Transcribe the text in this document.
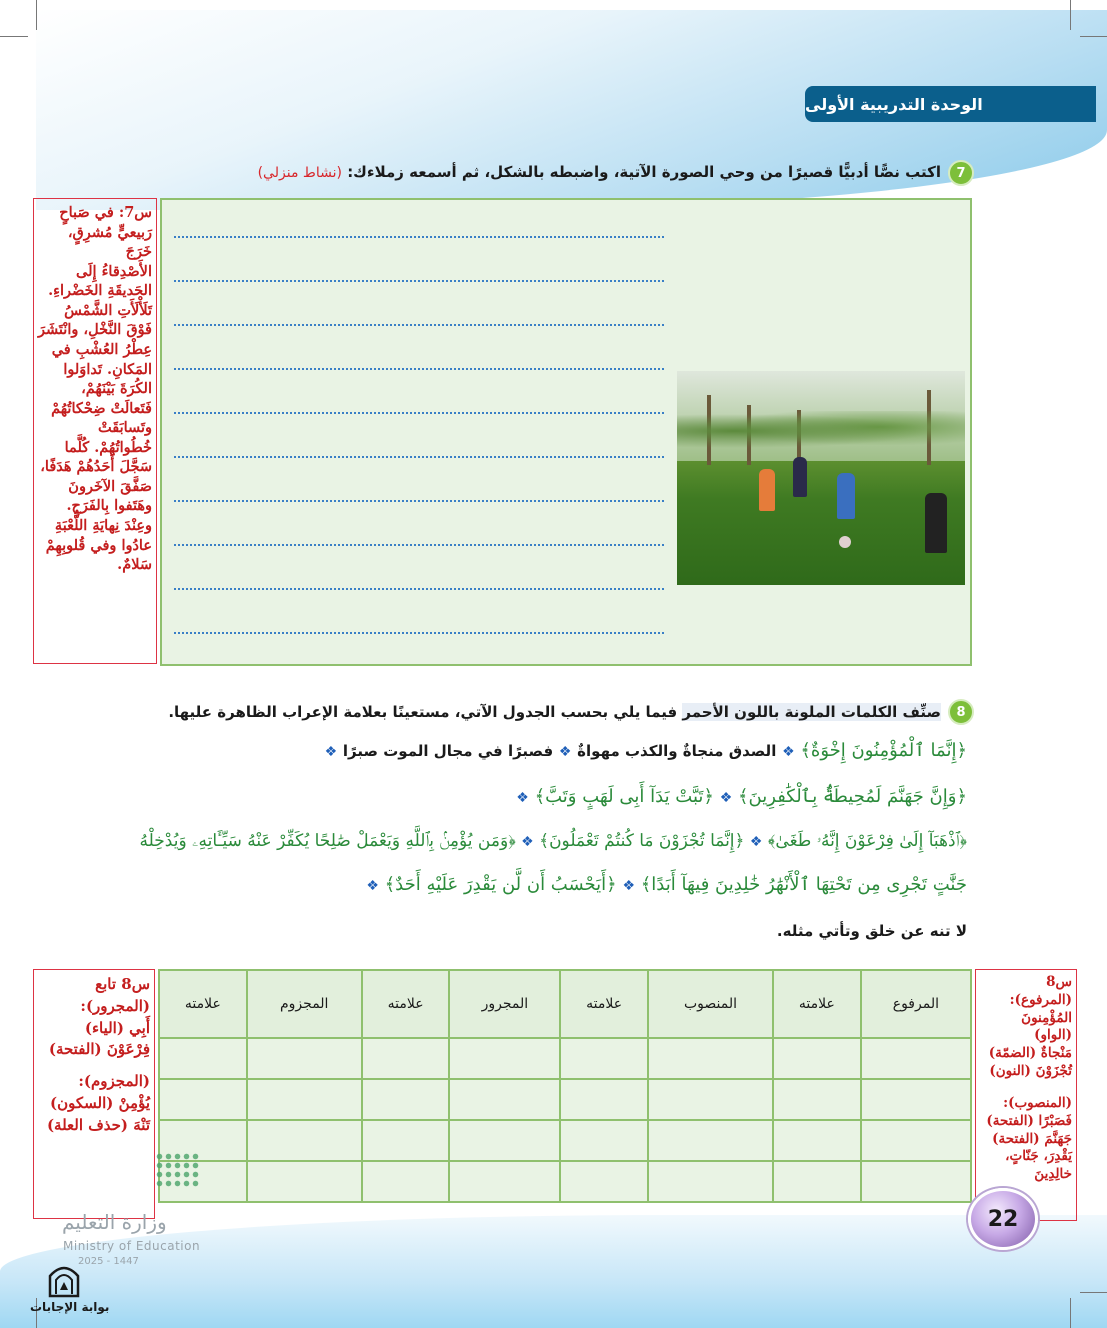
الوحدة التدريبية الأولى
7
اكتب نصًّا أدبيًّا قصيرًا من وحي الصورة الآتية، واضبطه بالشكل، ثم أسمعه زملاءك: (نشاط منزلي)
س7: في صَباحٍ
رَبيعيٍّ مُشرِقٍ، خَرَجَ
الأَصْدِقاءُ إِلَى
الحَديقَةِ الخَضْراءِ.
تَلَأْلَأَتِ الشَّمْسُ
فَوْقَ النَّخْلِ، وانْتَشَرَ
عِطْرُ العُشْبِ في
المَكانِ. تَداوَلوا
الكُرَةَ بَيْنَهُمْ،
فَتَعالَتْ ضِحْكاتُهُمْ
وتَسابَقَتْ
خُطُواتُهُمْ. كُلَّما
سَجَّلَ أَحَدُهُمْ هَدَفًا،
صَفَّقَ الآخَرونَ
وهَتَفوا بِالفَرَحِ.
وعِنْدَ نِهايَةِ اللُّعْبَةِ
عادُوا وفي قُلوبِهِمْ
سَلامٌ.
8
صنِّف الكلمات الملونة باللون الأحمر فيما يلي بحسب الجدول الآتي، مستعينًا بعلامة الإعراب الظاهرة عليها.
﴿إِنَّمَا ٱلْمُؤْمِنُونَ إِخْوَةٌ﴾ ❖ الصدق منجاةٌ والكذب مهواةٌ ❖ فصبرًا في مجال الموت صبرًا ❖
﴿وَإِنَّ جَهَنَّمَ لَمُحِيطَةٌۢ بِٱلْكَٰفِرِينَ﴾ ❖ ﴿تَبَّتْ يَدَآ أَبِى لَهَبٍ وَتَبَّ﴾ ❖
﴿ٱذْهَبَآ إِلَىٰ فِرْعَوْنَ إِنَّهُۥ طَغَىٰ﴾ ❖ ﴿إِنَّمَا تُجْزَوْنَ مَا كُنتُمْ تَعْمَلُونَ﴾ ❖ ﴿وَمَن يُؤْمِنۢ بِٱللَّهِ وَيَعْمَلْ صَٰلِحًا يُكَفِّرْ عَنْهُ سَيِّـَٔاتِهِۦ وَيُدْخِلْهُ
جَنَّٰتٍ تَجْرِى مِن تَحْتِهَا ٱلْأَنْهَٰرُ خَٰلِدِينَ فِيهَآ أَبَدًا﴾ ❖ ﴿أَيَحْسَبُ أَن لَّن يَقْدِرَ عَلَيْهِ أَحَدٌ﴾ ❖
لا تنه عن خلق وتأتي مثله.
المرفوع	علامته	المنصوب	علامته	المجرور	علامته	المجزوم	علامته

س8 (المرفوع):
المُؤْمِنونَ (الواو)
مَنْجاةٌ (الضمّة)
تُجْزَوْنَ (النون)
(المنصوب):
فَصَبْرًا (الفتحة)
جَهَنَّمَ (الفتحة)
يَقْدِرَ، جَنّاتٍ،
خالِدِينَ
س8 تابع
(المجرور):
أَبِي (الياء)
فِرْعَوْنَ (الفتحة)
(المجزوم):
يُؤْمِنْ (السكون)
تَنْهَ (حذف العلة)
22
وزارة التعليم
Ministry of Education
2025 - 1447
بوابة الإجابات
